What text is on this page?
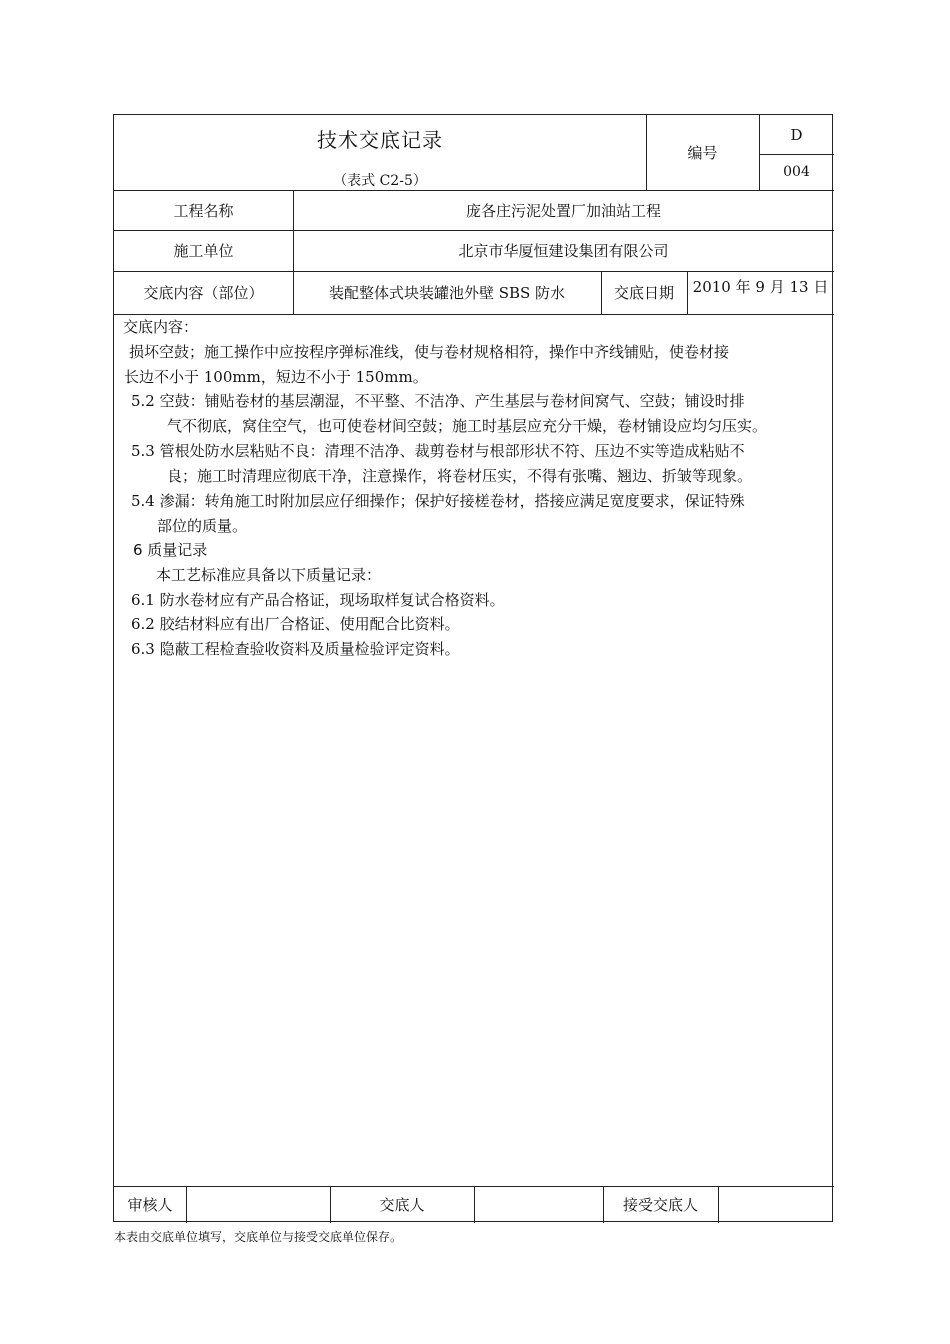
技术交底记录
（表式 C2-5）
编号
D
004
工程名称	庞各庄污泥处置厂加油站工程
施工单位	北京市华厦恒建设集团有限公司
交底内容（部位）	装配整体式块装罐池外壁 SBS 防水	交底日期	2010 年 9 月 13 日
交底内容：
损坏空鼓；施工操作中应按程序弹标准线，使与卷材规格相符，操作中齐线铺贴，使卷材接
长边不小于 100mm，短边不小于 150mm。
5.2 空鼓：铺贴卷材的基层潮湿，不平整、不洁净、产生基层与卷材间窝气、空鼓；铺设时排
气不彻底，窝住空气，也可使卷材间空鼓；施工时基层应充分干燥，卷材铺设应均匀压实。
5.3 管根处防水层粘贴不良：清理不洁净、裁剪卷材与根部形状不符、压边不实等造成粘贴不
良；施工时清理应彻底干净，注意操作，将卷材压实，不得有张嘴、翘边、折皱等现象。
5.4 渗漏：转角施工时附加层应仔细操作；保护好接槎卷材，搭接应满足宽度要求，保证特殊
部位的质量。
6 质量记录
本工艺标准应具备以下质量记录：
6.1 防水卷材应有产品合格证，现场取样复试合格资料。
6.2 胶结材料应有出厂合格证、使用配合比资料。
6.3 隐蔽工程检查验收资料及质量检验评定资料。
审核人	交底人	接受交底人
本表由交底单位填写，交底单位与接受交底单位保存。
